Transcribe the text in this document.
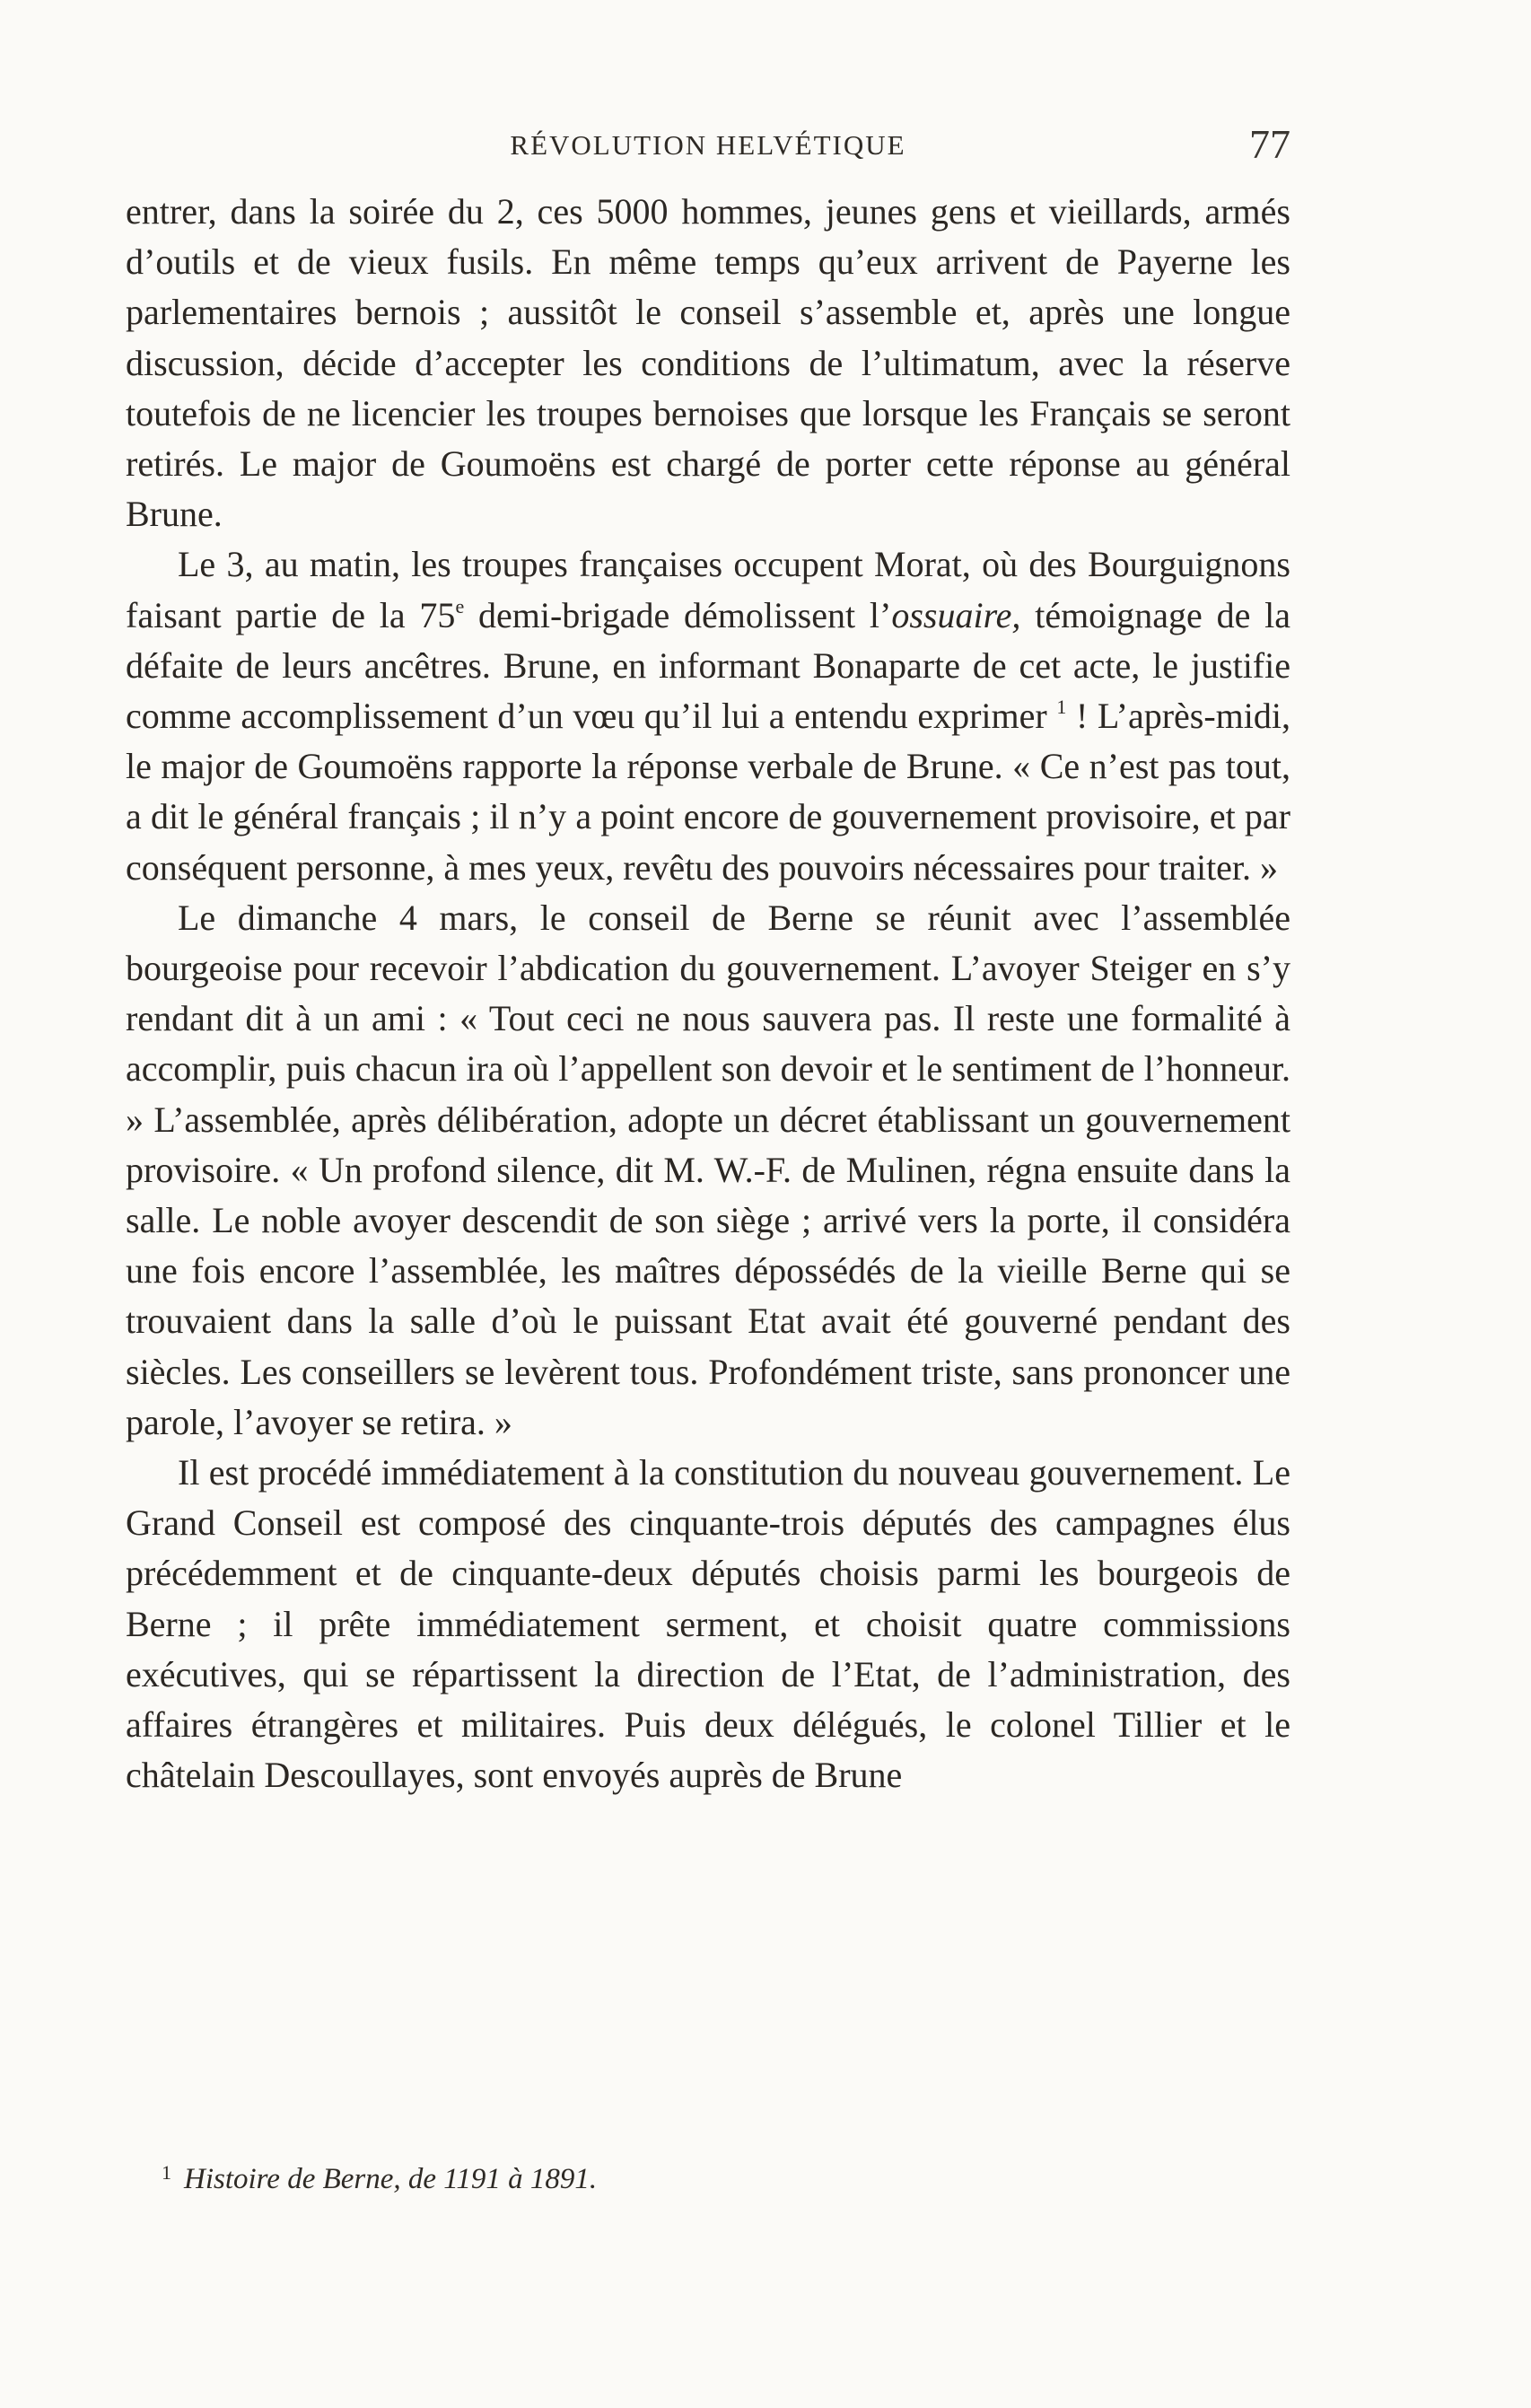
RÉVOLUTION HELVÉTIQUE	77

entrer, dans la soirée du 2, ces 5000 hommes, jeunes gens et vieillards, armés d’outils et de vieux fusils. En même temps qu’eux arrivent de Payerne les parlementaires bernois ; aussitôt le conseil s’assemble et, après une longue discussion, décide d’accepter les conditions de l’ultimatum, avec la réserve toutefois de ne licencier les troupes bernoises que lorsque les Français se seront retirés. Le major de Goumoëns est chargé de porter cette réponse au général Brune.

Le 3, au matin, les troupes françaises occupent Morat, où des Bourguignons faisant partie de la 75e demi-brigade démolissent l’ossuaire, témoignage de la défaite de leurs ancêtres. Brune, en informant Bonaparte de cet acte, le justifie comme accomplissement d’un vœu qu’il lui a entendu exprimer $^1$ ! L’après-midi, le major de Goumoëns rapporte la réponse verbale de Brune. « Ce n’est pas tout, a dit le général français ; il n’y a point encore de gouvernement provisoire, et par conséquent personne, à mes yeux, revêtu des pouvoirs nécessaires pour traiter. »

Le dimanche 4 mars, le conseil de Berne se réunit avec l’assemblée bourgeoise pour recevoir l’abdication du gouvernement. L’avoyer Steiger en s’y rendant dit à un ami : « Tout ceci ne nous sauvera pas. Il reste une formalité à accomplir, puis chacun ira où l’appellent son devoir et le sentiment de l’honneur. » L’assemblée, après délibération, adopte un décret établissant un gouvernement provisoire. « Un profond silence, dit M. W.-F. de Mulinen, régna ensuite dans la salle. Le noble avoyer descendit de son siège ; arrivé vers la porte, il considéra une fois encore l’assemblée, les maîtres dépossédés de la vieille Berne qui se trouvaient dans la salle d’où le puissant Etat avait été gouverné pendant des siècles. Les conseillers se levèrent tous. Profondément triste, sans prononcer une parole, l’avoyer se retira. »

Il est procédé immédiatement à la constitution du nouveau gouvernement. Le Grand Conseil est composé des cinquante-trois députés des campagnes élus précédemment et de cinquante-deux députés choisis parmi les bourgeois de Berne ; il prête immédiatement serment, et choisit quatre commissions exécutives, qui se répartissent la direction de l’Etat, de l’administration, des affaires étrangères et militaires. Puis deux délégués, le colonel Tillier et le châtelain Descoullayes, sont envoyés auprès de Brune

$^1$ Histoire de Berne, de 1191 à 1891.
